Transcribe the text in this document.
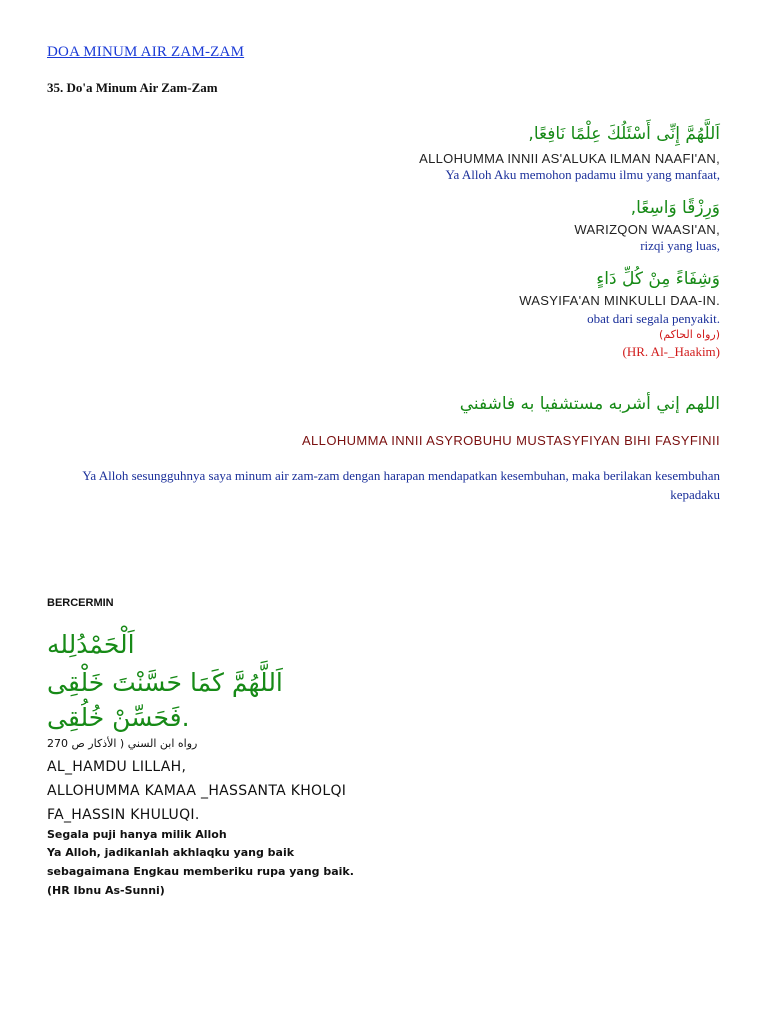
DOA MINUM AIR ZAM-ZAM
35. Do'a Minum Air Zam-Zam
اَللَّهُمَّ إِنِّى أَسْئَلُكَ عِلْمًا نَافِعًا,
ALLOHUMMA INNII AS'ALUKA ILMAN NAAFI'AN,
Ya Alloh Aku memohon padamu ilmu yang manfaat,
وَرِزْقًا وَاسِعًا,
WARIZQON WAASI'AN,
rizqi yang luas,
وَشِفَاءً مِنْ كُلِّ دَاءٍ
WASYIFA'AN MINKULLI DAA-IN.
obat dari segala penyakit.
(رواه الحاكم)
(HR. Al-_Haakim)
اللهم إني أشربه مستشفيا به فاشفني
ALLOHUMMA INNII ASYROBUHU MUSTASYFIYAN BIHI FASYFINII
Ya Alloh sesungguhnya saya minum air zam-zam dengan harapan mendapatkan kesembuhan, maka berilakan kesembuhan kepadaku
BERCERMIN
اَلْحَمْدُلِله
اَللَّهُمَّ كَمَا حَسَّنْتَ خَلْقِى
فَحَسِّنْ خُلُقِى.
رواه ابن السني ( الأذكار ص 270
AL_HAMDU LILLAH,
ALLOHUMMA KAMAA _HASSANTA KHOLQI
FA_HASSIN KHULUQI.
Segala puji hanya milik Alloh
Ya Alloh, jadikanlah akhlaqku yang baik
sebagaimana Engkau memberiku rupa yang baik.
(HR Ibnu As-Sunni)
